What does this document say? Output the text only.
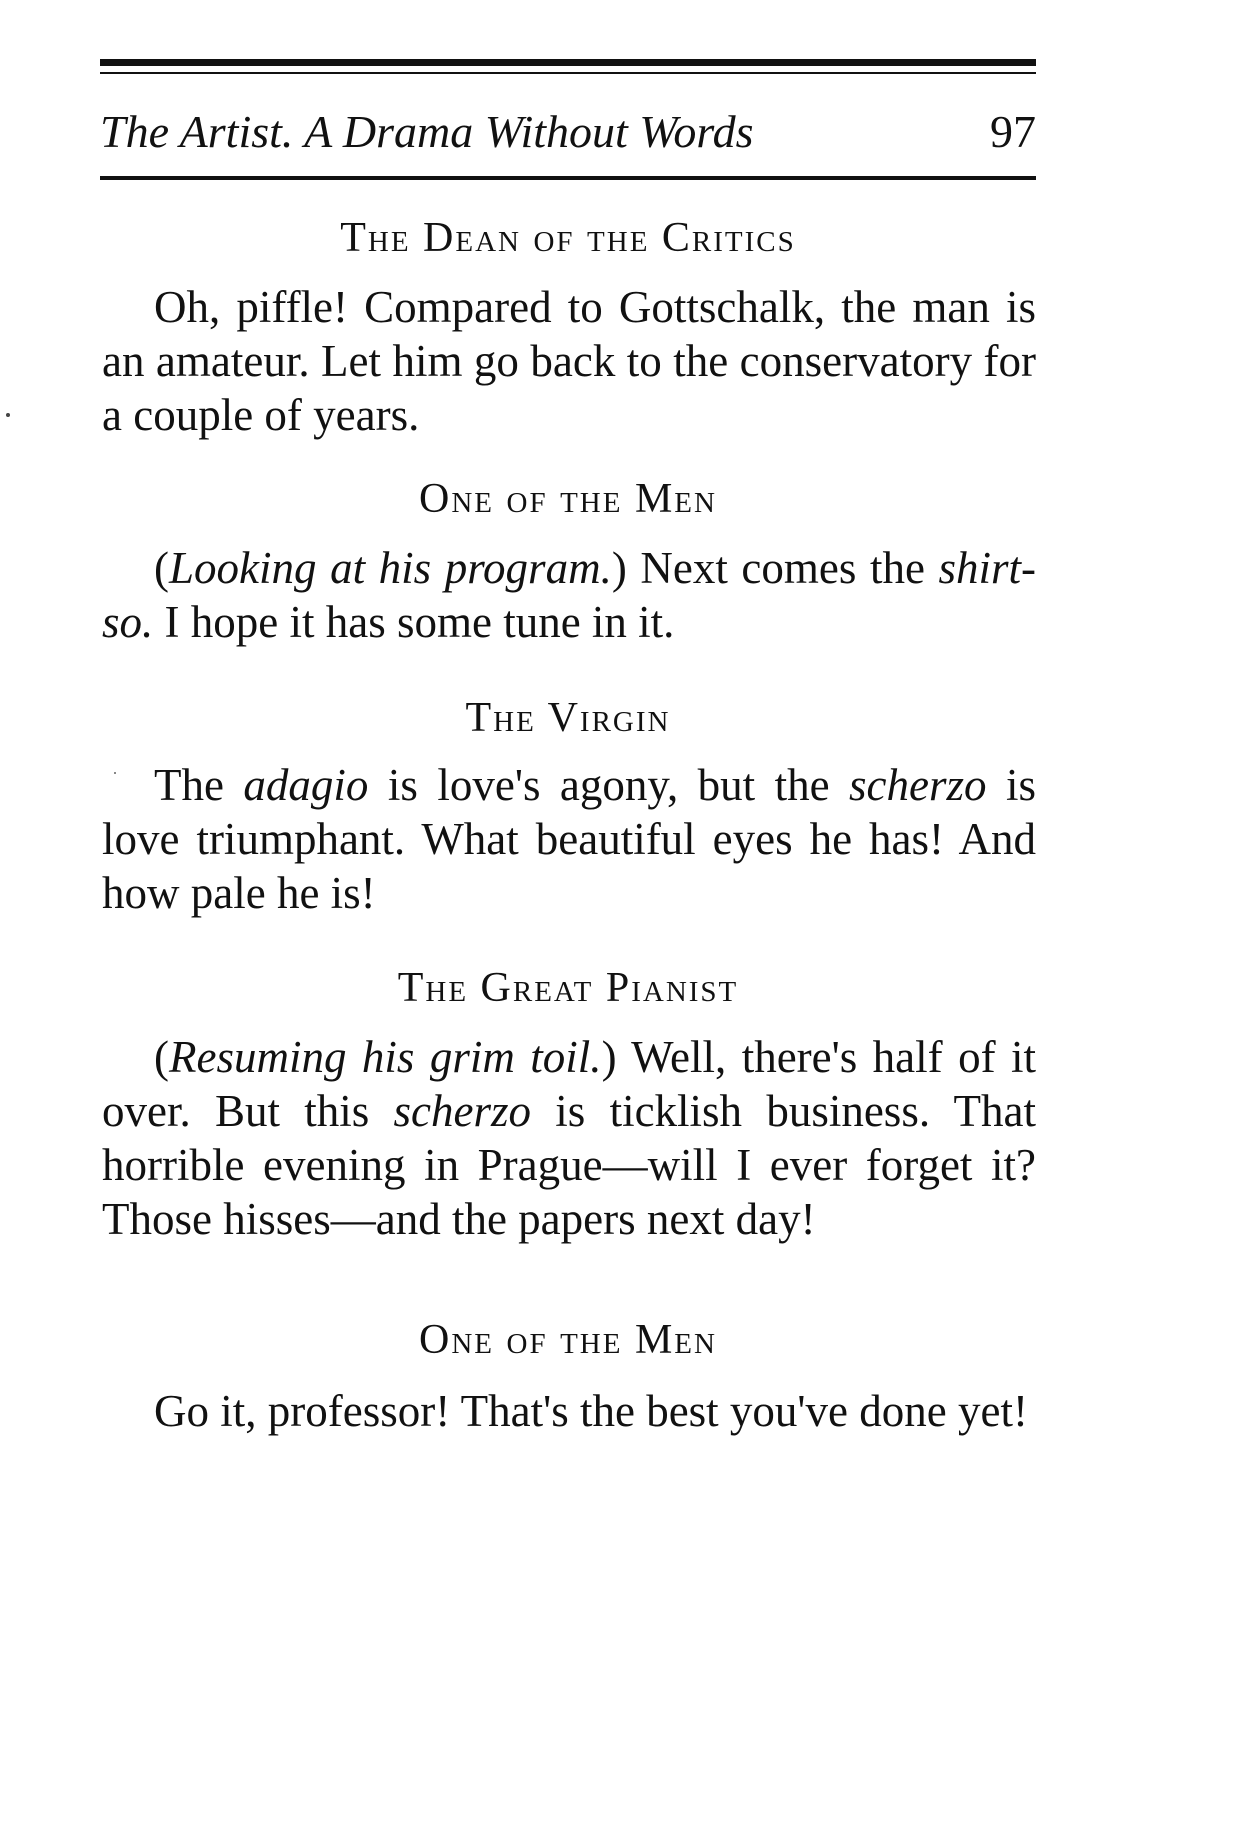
The Artist. A Drama Without Words	97
The Dean of the Critics
Oh, piffle! Compared to Gottschalk, the man is an amateur. Let him go back to the conservatory for a couple of years.
One of the Men
(Looking at his program.) Next comes the shirt-so. I hope it has some tune in it.
The Virgin
The adagio is love's agony, but the scherzo is love triumphant. What beautiful eyes he has! And how pale he is!
The Great Pianist
(Resuming his grim toil.) Well, there's half of it over. But this scherzo is ticklish business. That horrible evening in Prague—will I ever forget it? Those hisses—and the papers next day!
One of the Men
Go it, professor! That's the best you've done yet!
